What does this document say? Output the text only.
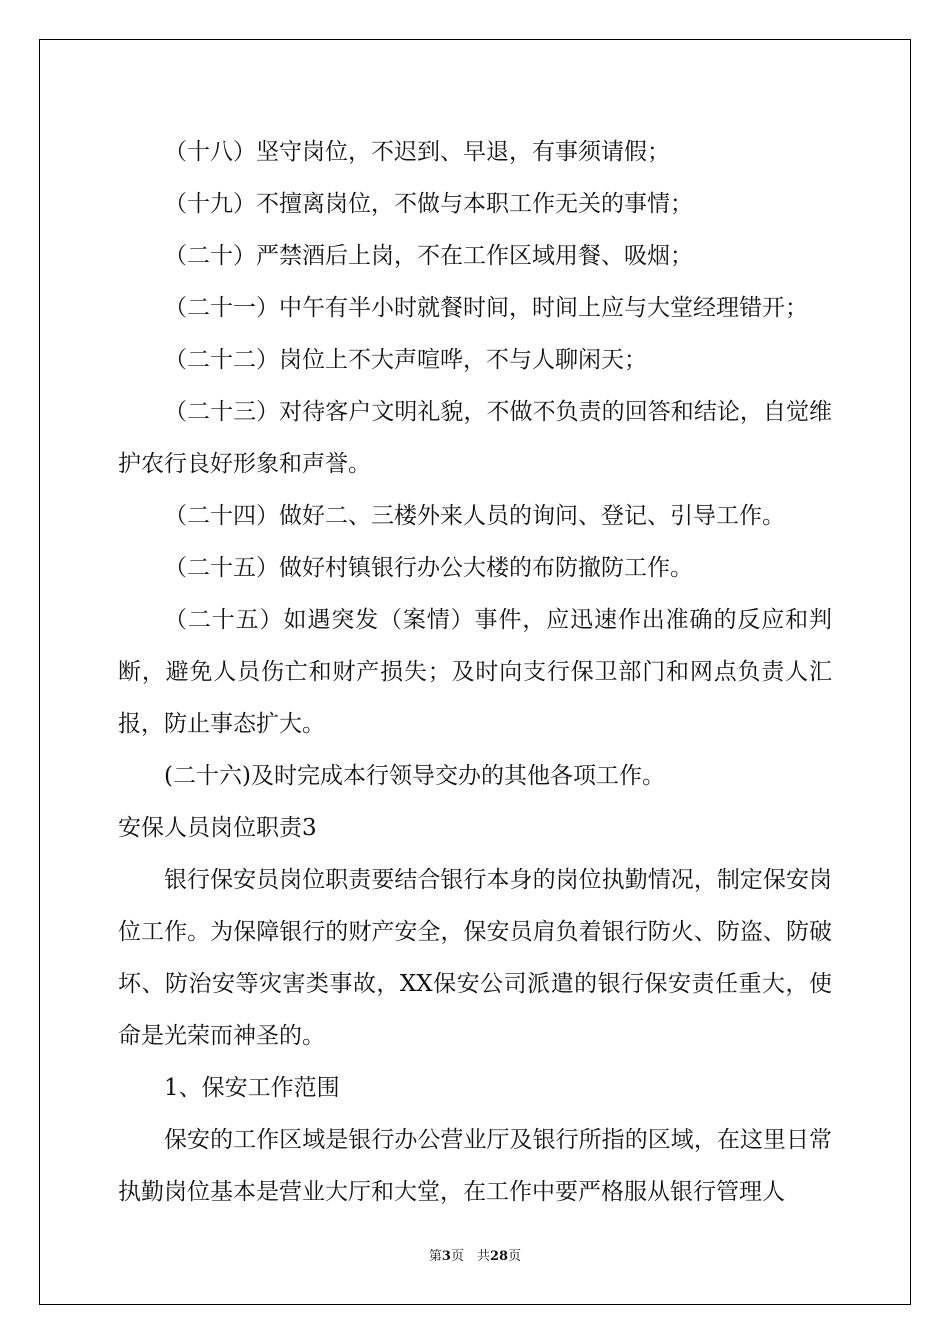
（十八）坚守岗位，不迟到、早退，有事须请假；

（十九）不擅离岗位，不做与本职工作无关的事情；

（二十）严禁酒后上岗，不在工作区域用餐、吸烟；

（二十一）中午有半小时就餐时间，时间上应与大堂经理错开；

（二十二）岗位上不大声喧哗，不与人聊闲天；

（二十三）对待客户文明礼貌，不做不负责的回答和结论，自觉维护农行良好形象和声誉。

（二十四）做好二、三楼外来人员的询问、登记、引导工作。

（二十五）做好村镇银行办公大楼的布防撤防工作。

（二十五）如遇突发（案情）事件，应迅速作出准确的反应和判断，避免人员伤亡和财产损失；及时向支行保卫部门和网点负责人汇报，防止事态扩大。

(二十六)及时完成本行领导交办的其他各项工作。

安保人员岗位职责3

银行保安员岗位职责要结合银行本身的岗位执勤情况，制定保安岗位工作。为保障银行的财产安全，保安员肩负着银行防火、防盗、防破坏、防治安等灾害类事故，XX保安公司派遣的银行保安责任重大，使命是光荣而神圣的。

1、保安工作范围

保安的工作区域是银行办公营业厅及银行所指的区域，在这里日常执勤岗位基本是营业大厅和大堂，在工作中要严格服从银行管理人

第3页　共28页
